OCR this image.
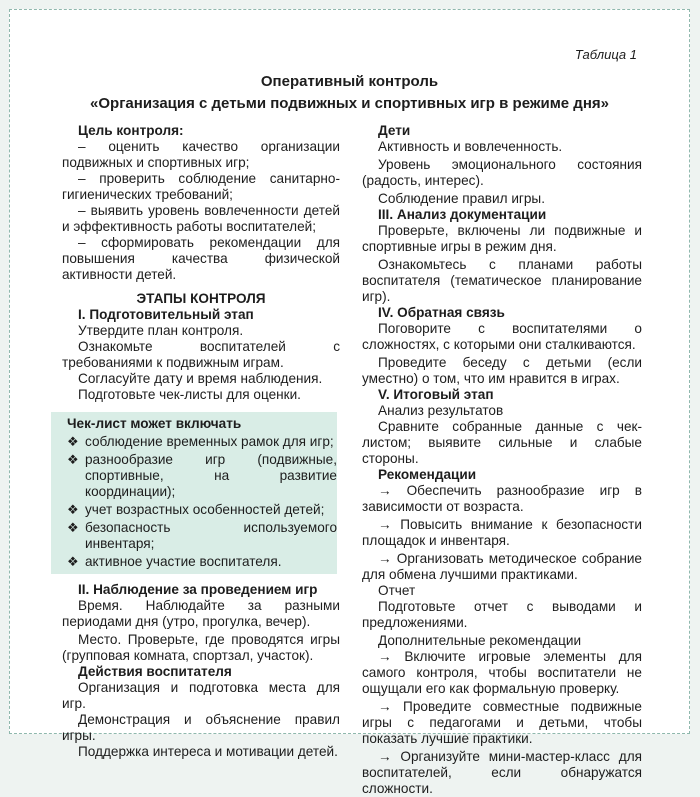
Таблица 1
Оперативный контроль
«Организация с детьми подвижных и спортивных игр в режиме дня»

Цель контроля:

– оценить качество организации подвижных и спортивных игр;

– проверить соблюдение санитарно-гигиенических требований;

– выявить уровень вовлеченности детей и эффективность работы воспитателей;

– сформировать рекомендации для повышения качества физической активности детей.

ЭТАПЫ КОНТРОЛЯ

I. Подготовительный этап

Утвердите план контроля.

Ознакомьте воспитателей с требованиями к подвижным играм.

Согласуйте дату и время наблюдения.

Подготовьте чек-листы для оценки.

Чек-лист может включать

❖ соблюдение временных рамок для игр;
❖ разнообразие игр (подвижные, спортивные, на развитие координации);
❖ учет возрастных особенностей детей;
❖ безопасность используемого инвентаря;
❖ активное участие воспитателя.

II. Наблюдение за проведением игр

Время. Наблюдайте за разными периодами дня (утро, прогулка, вечер).

Место. Проверьте, где проводятся игры (групповая комната, спортзал, участок).

Действия воспитателя

Организация и подготовка места для игр.

Демонстрация и объяснение правил игры.

Поддержка интереса и мотивации детей.

Дети

Активность и вовлеченность.

Уровень эмоционального состояния (радость, интерес).

Соблюдение правил игры.

III. Анализ документации

Проверьте, включены ли подвижные и спортивные игры в режим дня.

Ознакомьтесь с планами работы воспитателя (тематическое планирование игр).

IV. Обратная связь

Поговорите с воспитателями о сложностях, с которыми они сталкиваются.

Проведите беседу с детьми (если уместно) о том, что им нравится в играх.

V. Итоговый этап

Анализ результатов

Сравните собранные данные с чек-листом; выявите сильные и слабые стороны.

Рекомендации

→ Обеспечить разнообразие игр в зависимости от возраста.

→ Повысить внимание к безопасности площадок и инвентаря.

→ Организовать методическое собрание для обмена лучшими практиками.

Отчет

Подготовьте отчет с выводами и предложениями.

Дополнительные рекомендации

→ Включите игровые элементы для самого контроля, чтобы воспитатели не ощущали его как формальную проверку.

→ Проведите совместные подвижные игры с педагогами и детьми, чтобы показать лучшие практики.

→ Организуйте мини-мастер-класс для воспитателей, если обнаружатся сложности.
